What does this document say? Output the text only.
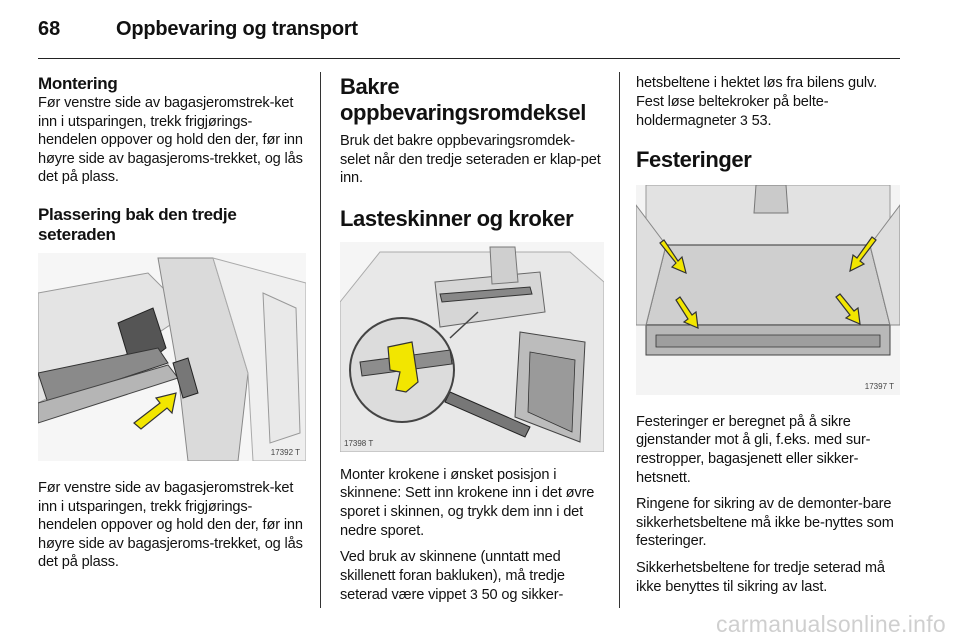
68	Oppbevaring og transport
Montering

Før venstre side av bagasjeromstrek-ket inn i utsparingen, trekk frigjørings-hendelen oppover og hold den der, før inn høyre side av bagasjeroms-trekket, og lås det på plass.

Plassering bak den tredje seteraden
17392 T

Før venstre side av bagasjeromstrek-ket inn i utsparingen, trekk frigjørings-hendelen oppover og hold den der, før inn høyre side av bagasjeroms-trekket, og lås det på plass.

Bakre oppbevaringsromdeksel

Bruk det bakre oppbevaringsromdek-selet når den tredje seteraden er klap-pet inn.

Lasteskinner og kroker
17398 T

Monter krokene i ønsket posisjon i skinnene: Sett inn krokene inn i det øvre sporet i skinnen, og trykk dem inn i det nedre sporet.

Ved bruk av skinnene (unntatt med skillenett foran bakluken), må tredje seterad være vippet 3 50 og sikker-

hetsbeltene i hektet løs fra bilens gulv. Fest løse beltekroker på belte-holdermagneter 3 53.

Festeringer
17397 T

Festeringer er beregnet på å sikre gjenstander mot å gli, f.eks. med sur-restropper, bagasjenett eller sikker-hetsnett.

Ringene for sikring av de demonter-bare sikkerhetsbeltene må ikke be-nyttes som festeringer.

Sikkerhetsbeltene for tredje seterad må ikke benyttes til sikring av last.

carmanualsonline.info
